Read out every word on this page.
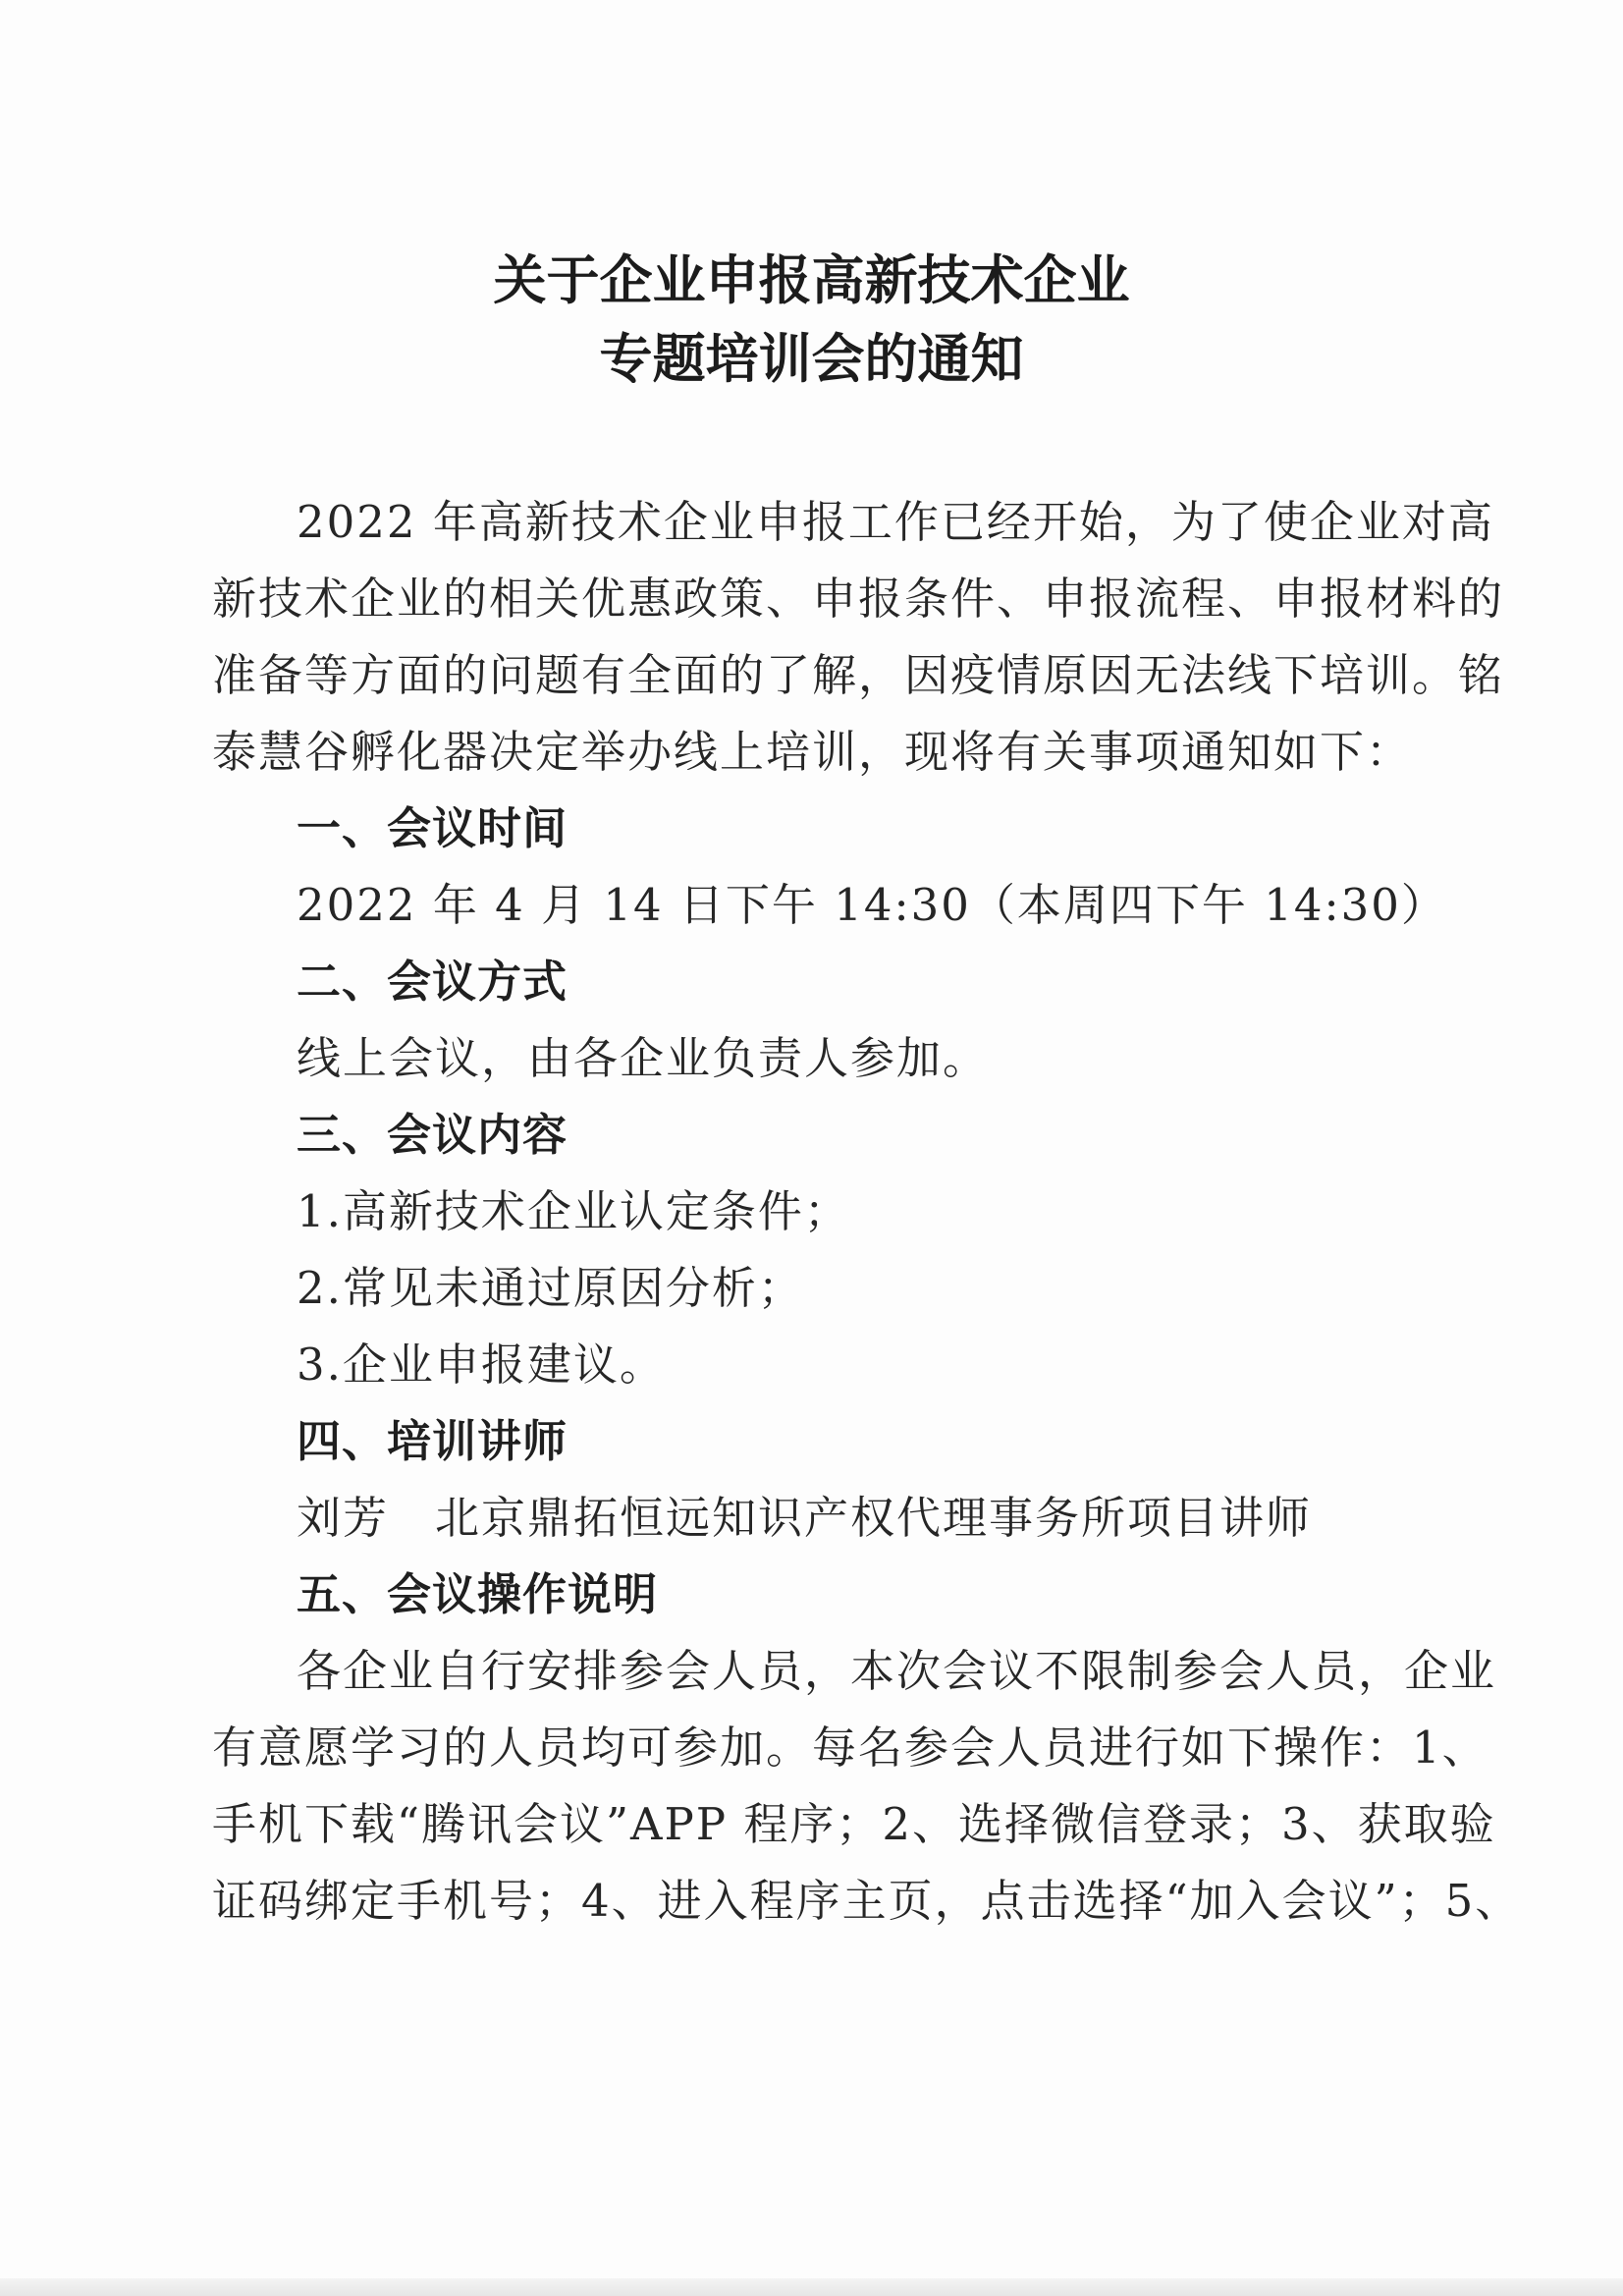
关于企业申报高新技术企业
专题培训会的通知

2022 年高新技术企业申报工作已经开始，为了使企业对高

新技术企业的相关优惠政策、申报条件、申报流程、申报材料的

准备等方面的问题有全面的了解，因疫情原因无法线下培训。铭

泰慧谷孵化器决定举办线上培训，现将有关事项通知如下：

一、会议时间

2022 年 4 月 14 日下午 14:30（本周四下午 14:30）

二、会议方式

线上会议，由各企业负责人参加。

三、会议内容

1.高新技术企业认定条件；

2.常见未通过原因分析；

3.企业申报建议。

四、培训讲师

刘芳　北京鼎拓恒远知识产权代理事务所项目讲师

五、会议操作说明

各企业自行安排参会人员，本次会议不限制参会人员，企业

有意愿学习的人员均可参加。每名参会人员进行如下操作：1、

手机下载“腾讯会议”APP 程序；2、选择微信登录；3、获取验

证码绑定手机号；4、进入程序主页，点击选择“加入会议”；5、
